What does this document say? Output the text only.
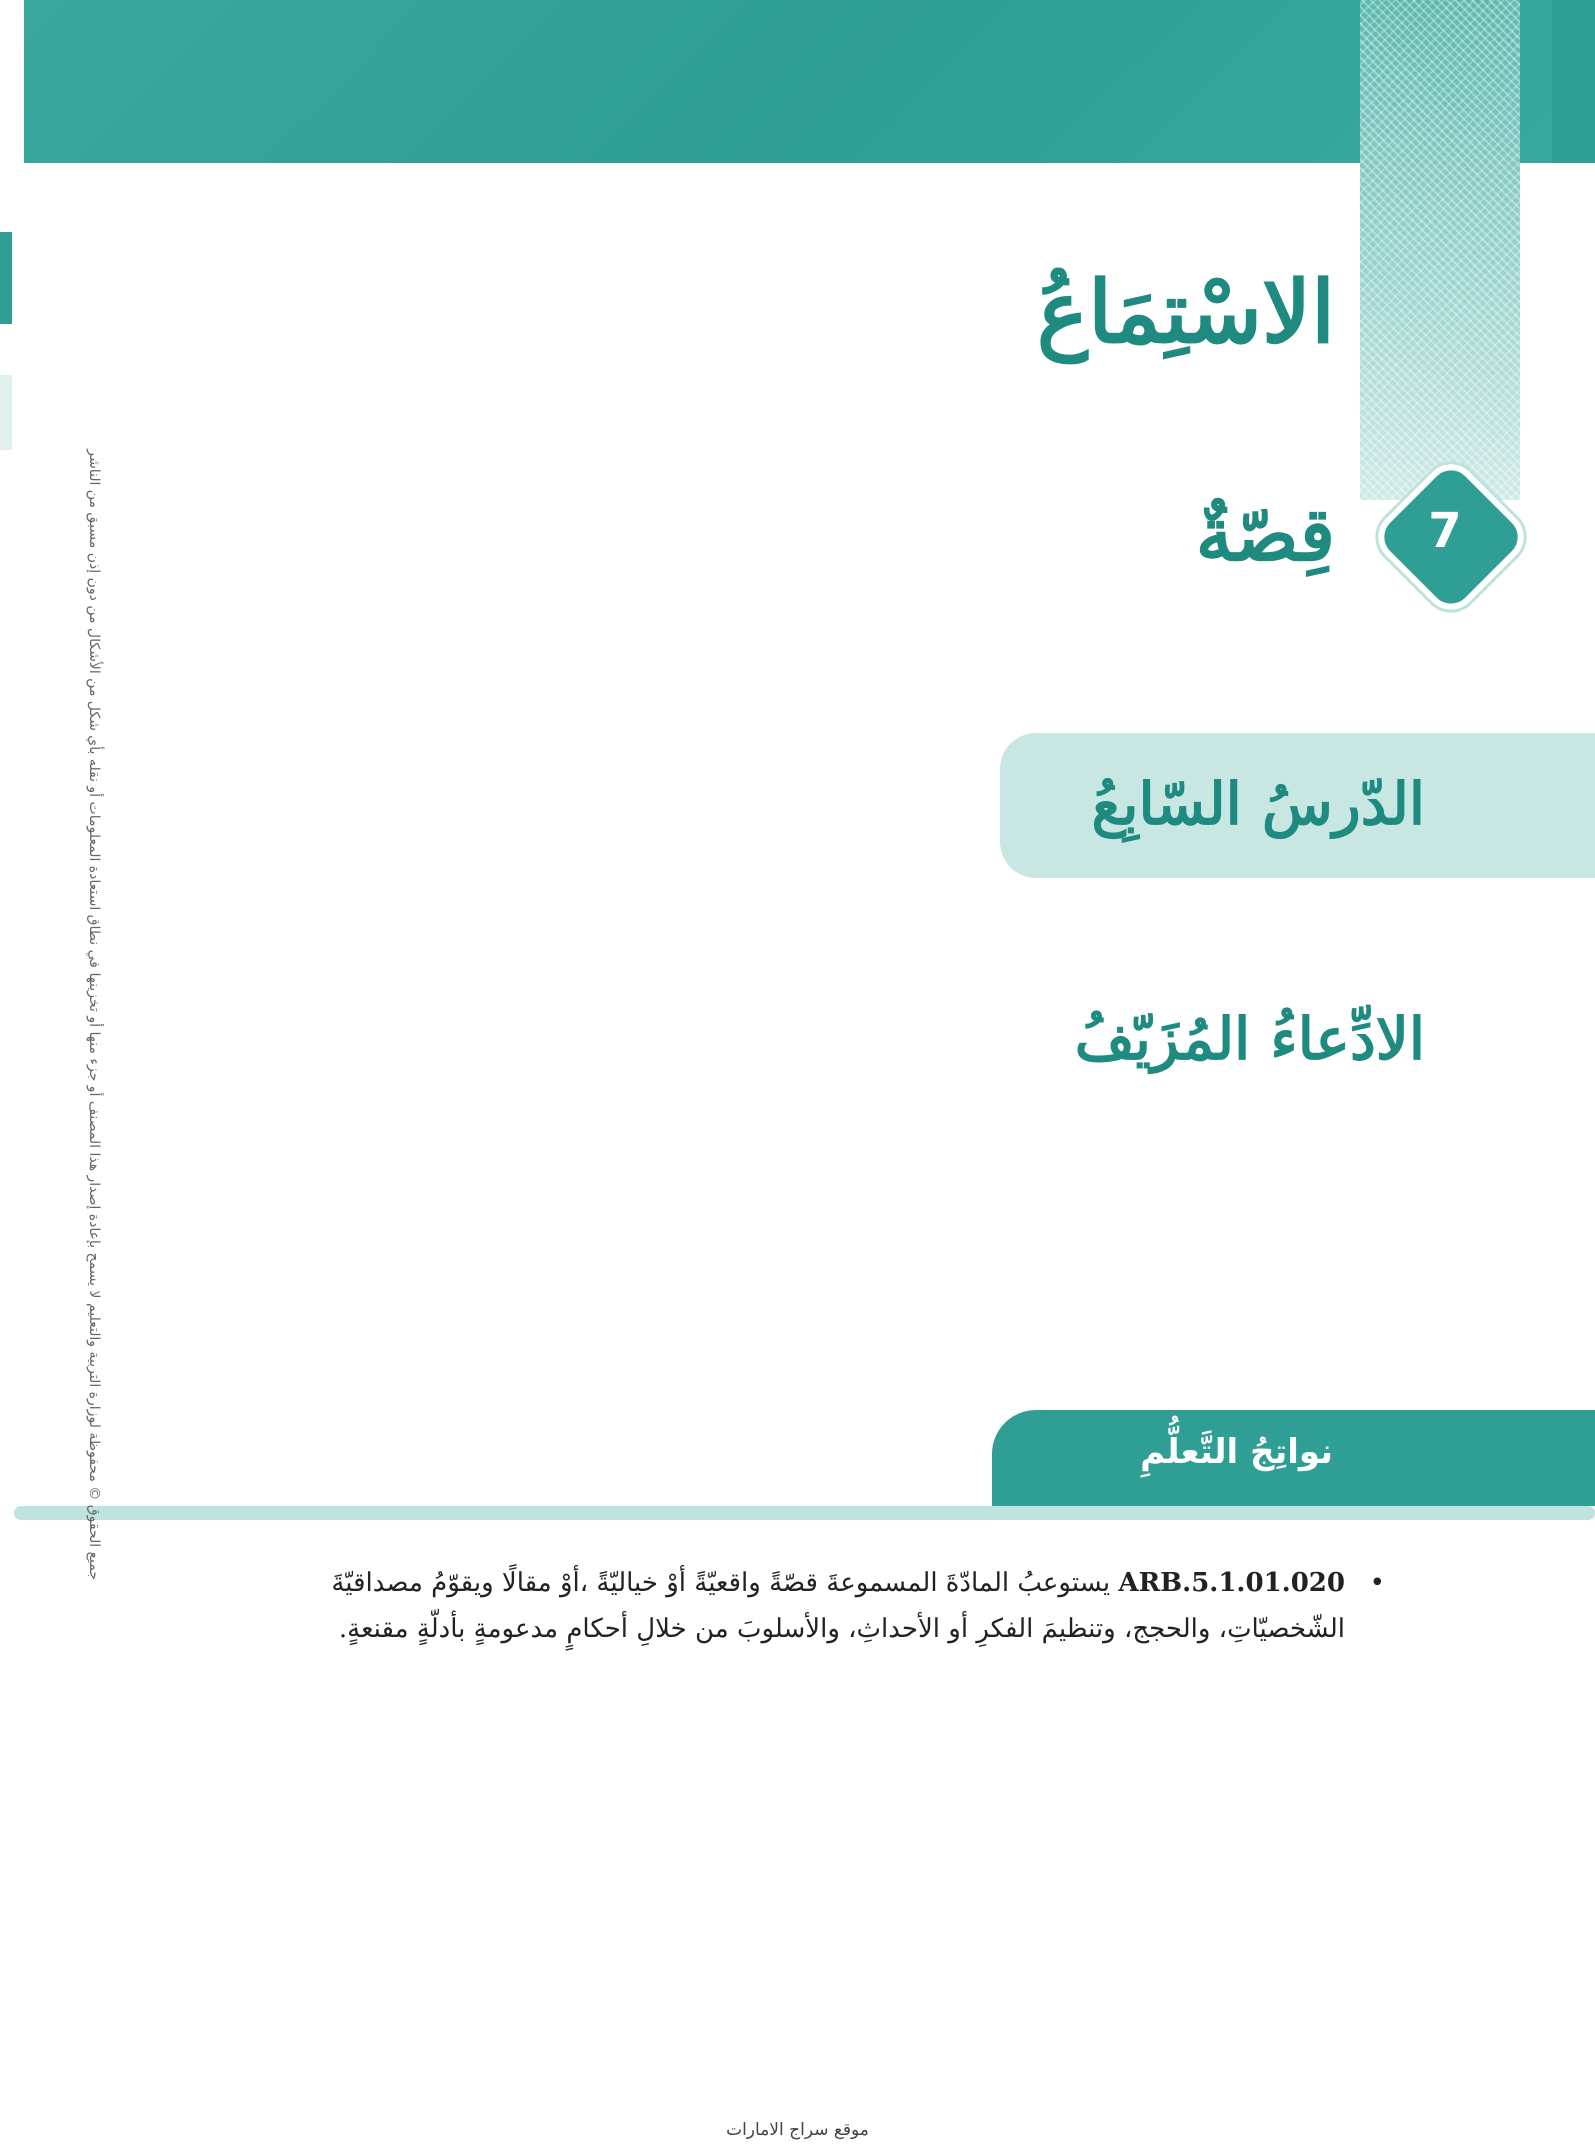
الاسْتِمَاعُ
7
قِصّةٌ
الدّرسُ السّابِعُ
الادِّعاءُ المُزَيّفُ
نواتِجُ التَّعلُّمِ
•
ARB.5.1.01.020 يستوعبُ المادّةَ المسموعةَ قصّةً واقعيّةً أوْ خياليّةً ،أوْ مقالًا ويقوّمُ مصداقيّةَ الشّخصيّاتِ، والحجج، وتنظيمَ الفكرِ أو الأحداثِ، والأسلوبَ من خلالِ أحكامٍ مدعومةٍ بأدلّةٍ مقنعةٍ.
جميع الحقوق © محفوظة لوزارة التربية والتعليم لا يسمح بإعادة إصدار هذا المصنف أو جزء منها أو تخزينها في نطاق استعادة المعلومات أو نقله بأي شكل من الأشكال من دون إذن مسبق من الناشر
موقع سراج الامارات
